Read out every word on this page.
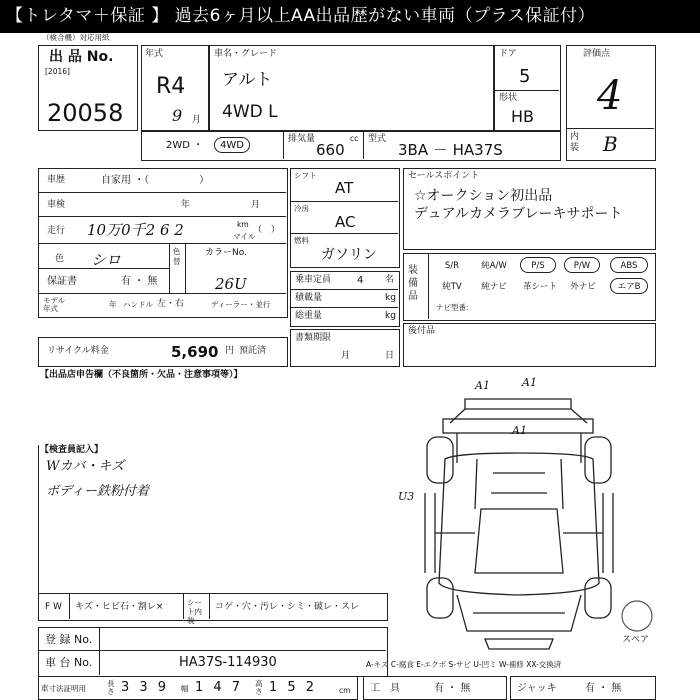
【トレタマ＋保証 】 過去6ヶ月以上AA出品歴がない車両（プラス保証付）
（検合機）対応用紙
出 品 No.
[2016]
20058
年式
R4
9 月
車名・グレード
アルト
4WD L
ドア
5
形状
HB
評価点
4
内装 B
2WD ・	4WD
排気量	cc
660
型式
3BA － HA37S
車歴	自家用 ・（　　　　　）
車検	年	月
走行 10万0千2 6 2	km
マイル
（　）
色 シロ	色替
カラーNo.
26U
保証書	有 ・ 無
モデル年式	年 ハンドル 左・右	ディーラー・並行
リサイクル料金	5,690 円 預託済
シフト
AT
冷房
AC
燃料
ガソリン
乗車定員	4 名
積載量	kg
総重量	kg
書類期限
月	日
セールスポイント
☆オークション初出品
デュアルカメラブレーキサポート
装備品
S/R	純A/W	P/S	P/W	ABS
純TV	純ナビ	革シート	外ナビ	エアB
ナビ型番：
後付品
【出品店申告欄（不良箇所・欠品・注意事項等）】
【検査員記入】
Wカバ・キズ
ボディー鉄粉付着
A1	A1
A1
U3
スペア
F W キズ・ヒビ石・割レ×	シート内装
コゲ・穴・汚レ・シミ・破レ・スレ
登 録 No.
車 台 No.	HA37S-114930
車寸法証明用
長さ 3 3 9 幅 1 4 7 高さ 1 5 2	cm
A-キズ C-腐食 E-エクボ S-サビ U-凹ミ W-補修 XX-交換済
工　具	有 ・ 無	ジャッキ	有 ・ 無
